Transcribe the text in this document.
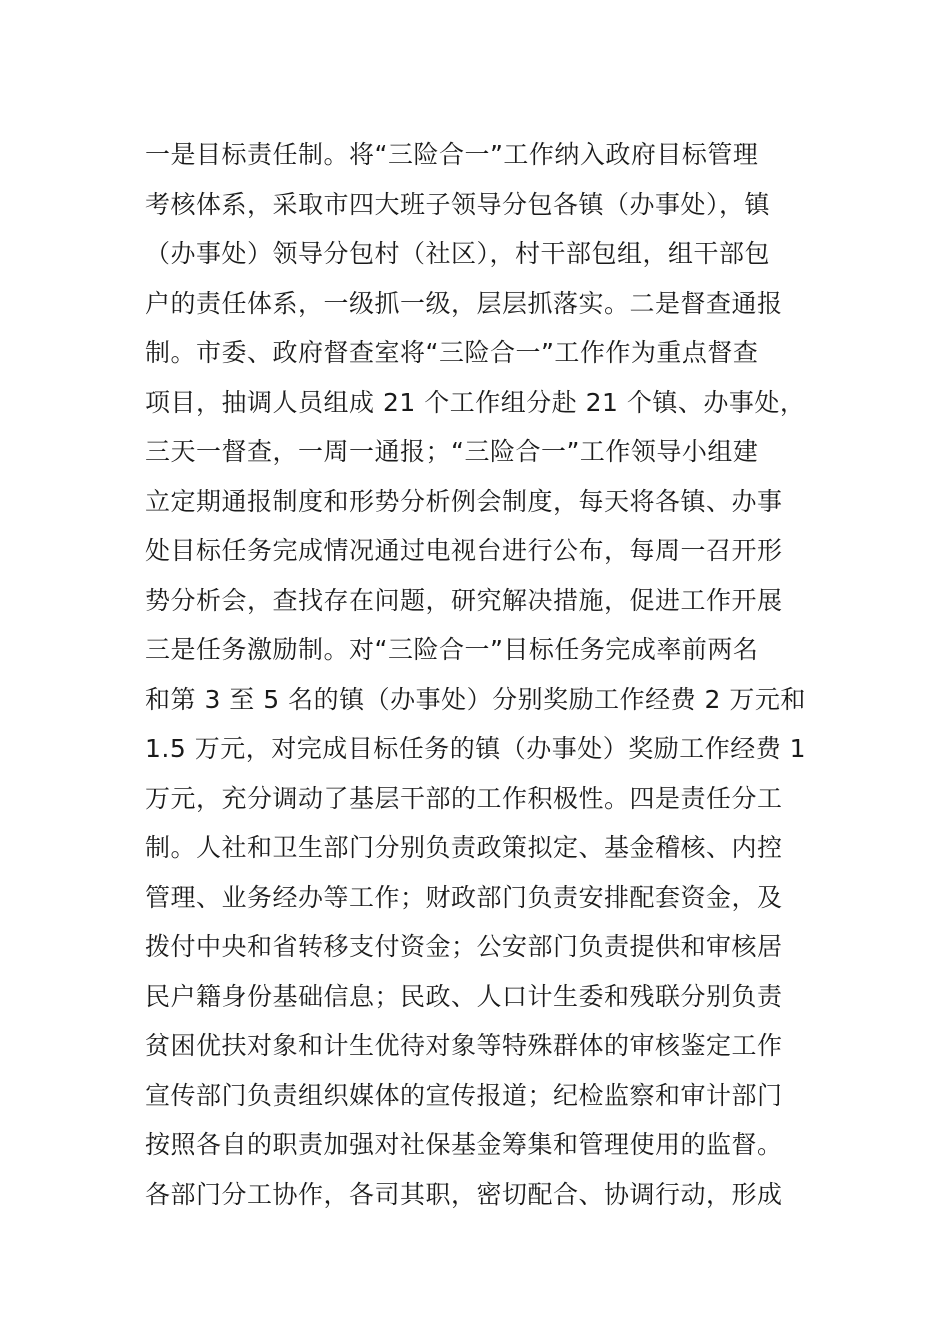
一是目标责任制。将“三险合一”工作纳入政府目标管理
考核体系，采取市四大班子领导分包各镇（办事处），镇
（办事处）领导分包村（社区），村干部包组，组干部包
户的责任体系，一级抓一级，层层抓落实。二是督查通报
制。市委、政府督查室将“三险合一”工作作为重点督查
项目，抽调人员组成 21 个工作组分赴 21 个镇、办事处，
三天一督查，一周一通报；“三险合一”工作领导小组建
立定期通报制度和形势分析例会制度，每天将各镇、办事
处目标任务完成情况通过电视台进行公布，每周一召开形
势分析会，查找存在问题，研究解决措施，促进工作开展
三是任务激励制。对“三险合一”目标任务完成率前两名
和第 3 至 5 名的镇（办事处）分别奖励工作经费 2 万元和
1.5 万元，对完成目标任务的镇（办事处）奖励工作经费 1
万元，充分调动了基层干部的工作积极性。四是责任分工
制。人社和卫生部门分别负责政策拟定、基金稽核、内控
管理、业务经办等工作；财政部门负责安排配套资金，及
拨付中央和省转移支付资金；公安部门负责提供和审核居
民户籍身份基础信息；民政、人口计生委和残联分别负责
贫困优扶对象和计生优待对象等特殊群体的审核鉴定工作
宣传部门负责组织媒体的宣传报道；纪检监察和审计部门
按照各自的职责加强对社保基金筹集和管理使用的监督。
各部门分工协作，各司其职，密切配合、协调行动，形成
